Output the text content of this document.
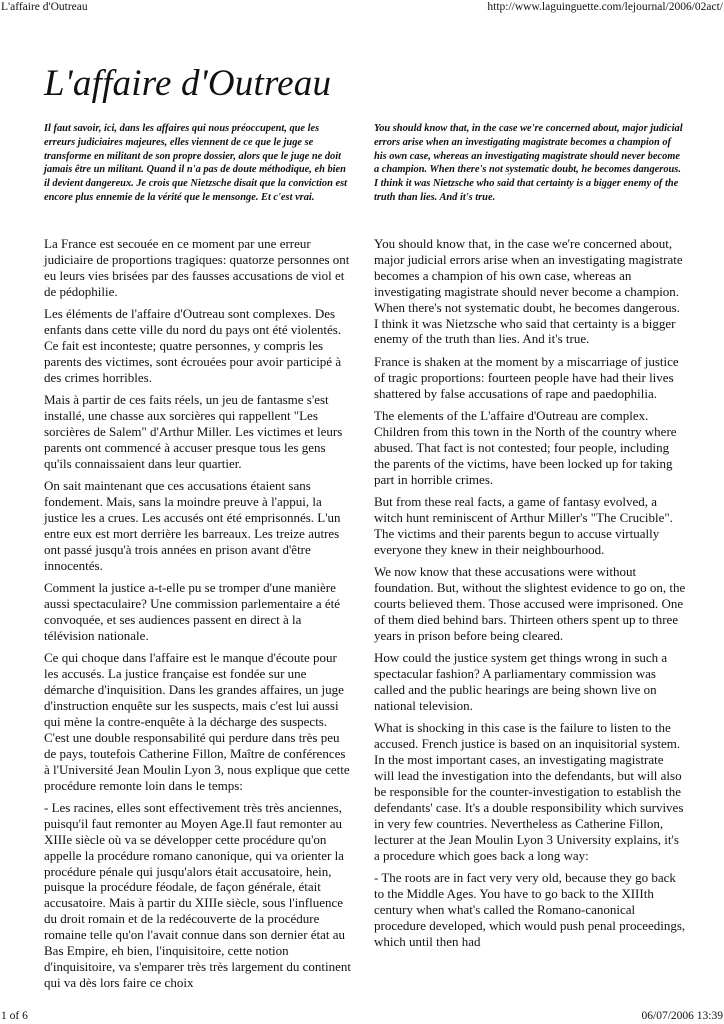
L'affaire d'Outreau	http://www.laguinguette.com/lejournal/2006/02act/
L'affaire d'Outreau

Il faut savoir, ici, dans les affaires qui nous préoccupent, que les erreurs judiciaires majeures, elles viennent de ce que le juge se transforme en militant de son propre dossier, alors que le juge ne doit jamais être un militant. Quand il n'a pas de doute méthodique, eh bien il devient dangereux. Je crois que Nietzsche disait que la conviction est encore plus ennemie de la vérité que le mensonge. Et c'est vrai.

You should know that, in the case we're concerned about, major judicial errors arise when an investigating magistrate becomes a champion of his own case, whereas an investigating magistrate should never become a champion. When there's not systematic doubt, he becomes dangerous. I think it was Nietzsche who said that certainty is a bigger enemy of the truth than lies. And it's true.

La France est secouée en ce moment par une erreur judiciaire de proportions tragiques: quatorze personnes ont eu leurs vies brisées par des fausses accusations de viol et de pédophilie.

Les éléments de l'affaire d'Outreau sont complexes. Des enfants dans cette ville du nord du pays ont été violentés. Ce fait est inconteste; quatre personnes, y compris les parents des victimes, sont écrouées pour avoir participé à des crimes horribles.

Mais à partir de ces faits réels, un jeu de fantasme s'est installé, une chasse aux sorcières qui rappellent "Les sorcières de Salem" d'Arthur Miller. Les victimes et leurs parents ont commencé à accuser presque tous les gens qu'ils connaissaient dans leur quartier.

On sait maintenant que ces accusations étaient sans fondement. Mais, sans la moindre preuve à l'appui, la justice les a crues. Les accusés ont été emprisonnés. L'un entre eux est mort derrière les barreaux. Les treize autres ont passé jusqu'à trois années en prison avant d'être innocentés.

Comment la justice a-t-elle pu se tromper d'une manière aussi spectaculaire? Une commission parlementaire a été convoquée, et ses audiences passent en direct à la télévision nationale.

Ce qui choque dans l'affaire est le manque d'écoute pour les accusés. La justice française est fondée sur une démarche d'inquisition. Dans les grandes affaires, un juge d'instruction enquête sur les suspects, mais c'est lui aussi qui mène la contre-enquête à la décharge des suspects. C'est une double responsabilité qui perdure dans très peu de pays, toutefois Catherine Fillon, Maître de conférences à l'Université Jean Moulin Lyon 3, nous explique que cette procédure remonte loin dans le temps:

- Les racines, elles sont effectivement très très anciennes, puisqu'il faut remonter au Moyen Age.Il faut remonter au XIIIe siècle où va se développer cette procédure qu'on appelle la procédure romano canonique, qui va orienter la procédure pénale qui jusqu'alors était accusatoire, hein, puisque la procédure féodale, de façon générale, était accusatoire. Mais à partir du XIIIe siècle, sous l'influence du droit romain et de la redécouverte de la procédure romaine telle qu'on l'avait connue dans son dernier état au Bas Empire, eh bien, l'inquisitoire, cette notion d'inquisitoire, va s'emparer très très largement du continent qui va dès lors faire ce choix

You should know that, in the case we're concerned about, major judicial errors arise when an investigating magistrate becomes a champion of his own case, whereas an investigating magistrate should never become a champion. When there's not systematic doubt, he becomes dangerous. I think it was Nietzsche who said that certainty is a bigger enemy of the truth than lies. And it's true.

France is shaken at the moment by a miscarriage of justice of tragic proportions: fourteen people have had their lives shattered by false accusations of rape and paedophilia.

The elements of the L'affaire d'Outreau are complex. Children from this town in the North of the country where abused. That fact is not contested; four people, including the parents of the victims, have been locked up for taking part in horrible crimes.

But from these real facts, a game of fantasy evolved, a witch hunt reminiscent of Arthur Miller's "The Crucible". The victims and their parents begun to accuse virtually everyone they knew in their neighbourhood.

We now know that these accusations were without foundation. But, without the slightest evidence to go on, the courts believed them. Those accused were imprisoned. One of them died behind bars. Thirteen others spent up to three years in prison before being cleared.

How could the justice system get things wrong in such a spectacular fashion? A parliamentary commission was called and the public hearings are being shown live on national television.

What is shocking in this case is the failure to listen to the accused. French justice is based on an inquisitorial system. In the most important cases, an investigating magistrate will lead the investigation into the defendants, but will also be responsible for the counter-investigation to establish the defendants' case. It's a double responsibility which survives in very few countries. Nevertheless as Catherine Fillon, lecturer at the Jean Moulin Lyon 3 University explains, it's a procedure which goes back a long way:

- The roots are in fact very very old, because they go back to the Middle Ages. You have to go back to the XIIIth century when what's called the Romano-canonical procedure developed, which would push penal proceedings, which until then had

1 of 6	06/07/2006 13:39
